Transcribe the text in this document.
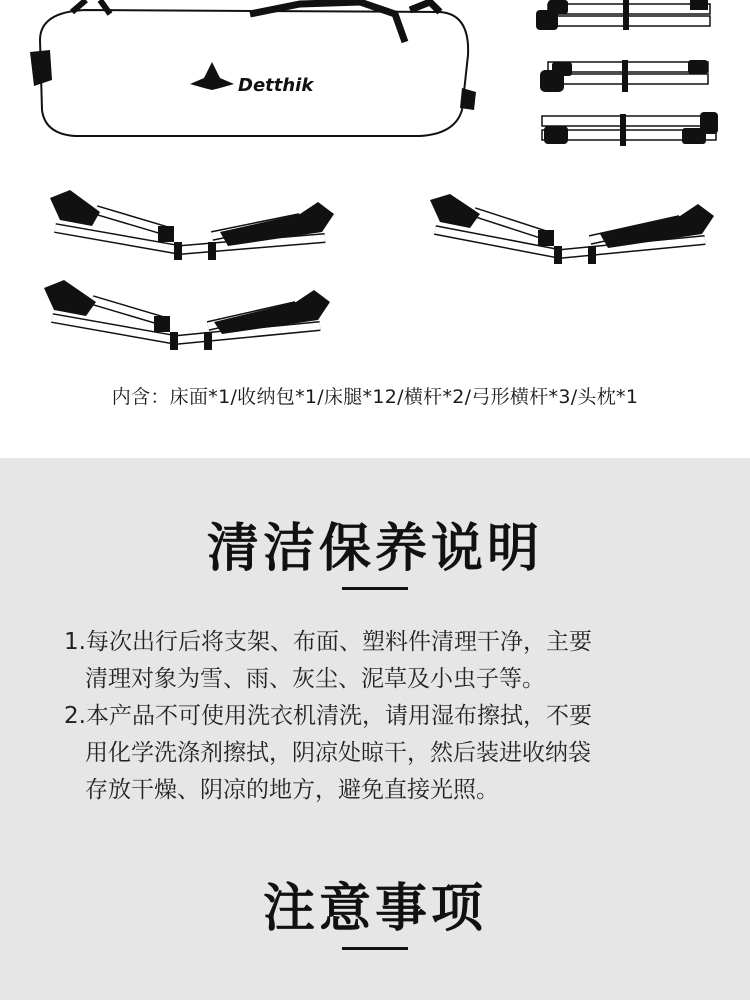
Detthik
内含：床面*1/收纳包*1/床腿*12/横杆*2/弓形横杆*3/头枕*1
清洁保养说明
1.每次出行后将支架、布面、塑料件清理干净，主要
清理对象为雪、雨、灰尘、泥草及小虫子等。
2.本产品不可使用洗衣机清洗，请用湿布擦拭，不要
用化学洗涤剂擦拭，阴凉处晾干，然后装进收纳袋
存放干燥、阴凉的地方，避免直接光照。
注意事项
